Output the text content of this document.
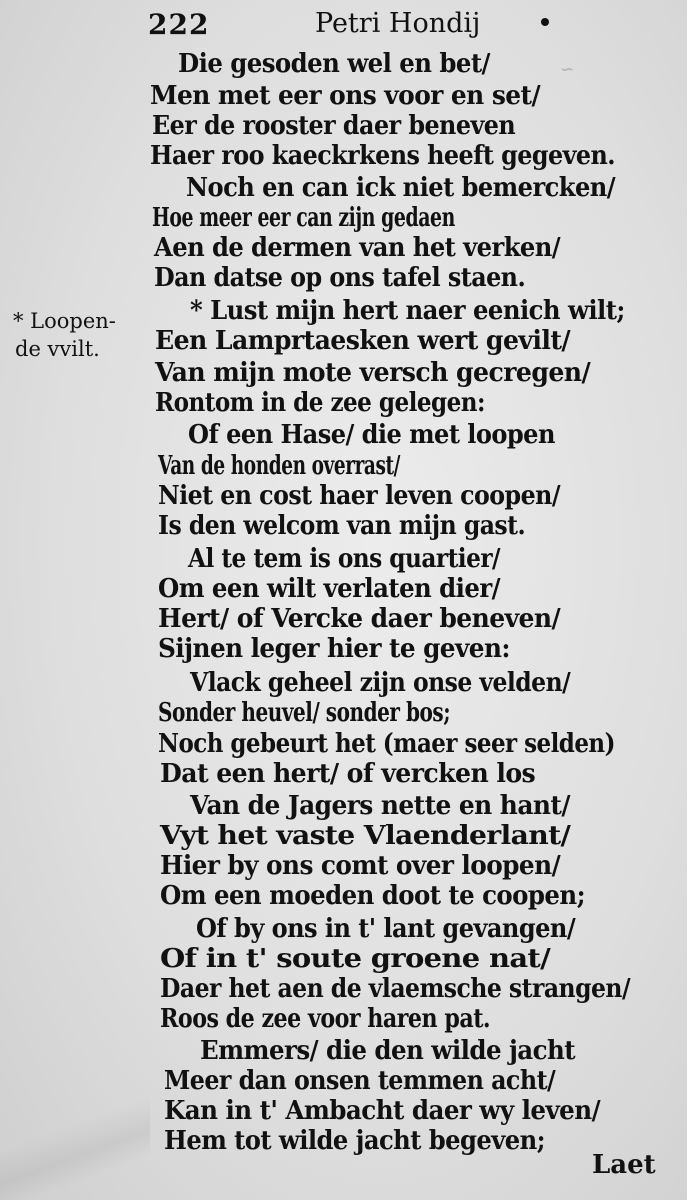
~
222	Petri Hondij
* Loopen-
de vvilt.
Die gesoden wel en bet/
Men met eer ons voor en set/
Eer de rooster daer beneven
Haer roo kaeckrkens heeft gegeven.
Noch en can ick niet bemercken/
Hoe meer eer can zijn gedaen
Aen de dermen van het verken/
Dan datse op ons tafel staen.
* Lust mijn hert naer eenich wilt;
Een Lamprtaesken wert gevilt/
Van mijn mote versch gecregen/
Rontom in de zee gelegen:
Of een Hase/ die met loopen
Van de honden overrast/
Niet en cost haer leven coopen/
Is den welcom van mijn gast.
Al te tem is ons quartier/
Om een wilt verlaten dier/
Hert/ of Vercke daer beneven/
Sijnen leger hier te geven:
Vlack geheel zijn onse velden/
Sonder heuvel/ sonder bos;
Noch gebeurt het (maer seer selden)
Dat een hert/ of vercken los
Van de Jagers nette en hant/
Vyt het vaste Vlaenderlant/
Hier by ons comt over loopen/
Om een moeden doot te coopen;
Of by ons in t' lant gevangen/
Of in t' soute groene nat/
Daer het aen de vlaemsche strangen/
Roos de zee voor haren pat.
Emmers/ die den wilde jacht
Meer dan onsen temmen acht/
Kan in t' Ambacht daer wy leven/
Hem tot wilde jacht begeven;
Laet
